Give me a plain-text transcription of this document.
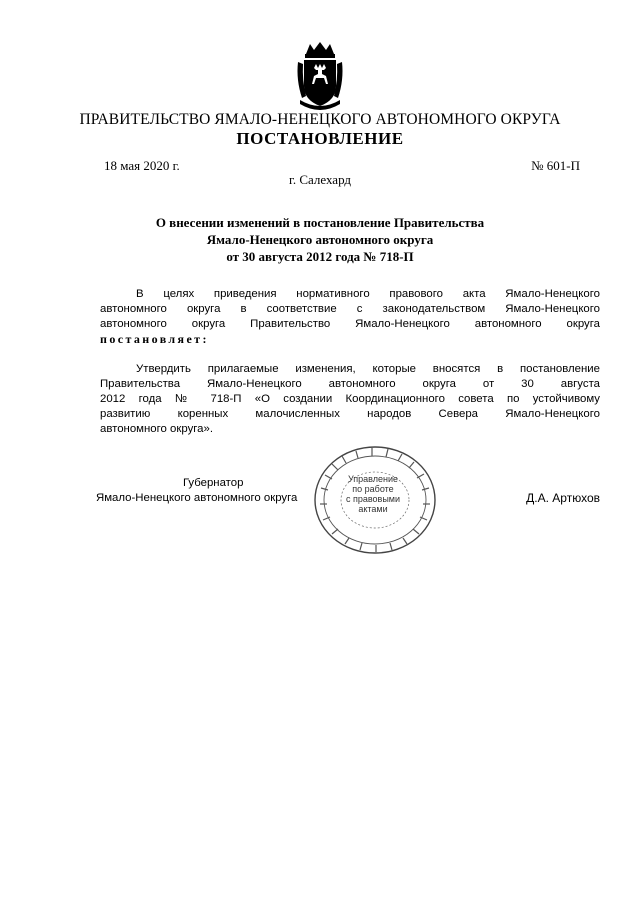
ПРАВИТЕЛЬСТВО ЯМАЛО-НЕНЕЦКОГО АВТОНОМНОГО ОКРУГА
ПОСТАНОВЛЕНИЕ
18 мая 2020 г.	№ 601-П
г. Салехард
О внесении изменений в постановление Правительства
Ямало-Ненецкого автономного округа
от 30 августа 2012 года № 718-П
В целях приведения нормативного правового акта Ямало-Ненецкого
автономного округа в соответствие с законодательством Ямало-Ненецкого
автономного округа Правительство Ямало-Ненецкого автономного округа
постановляет:
Утвердить прилагаемые изменения, которые вносятся в постановление
Правительства Ямало-Ненецкого автономного округа от 30 августа
2012 года № 718-П «О создании Координационного совета по устойчивому
развитию коренных малочисленных народов Севера Ямало-Ненецкого
автономного округа».
Управление
по работе
с правовыми
актами
Губернатор
Ямало-Ненецкого автономного округа	Д.А. Артюхов
